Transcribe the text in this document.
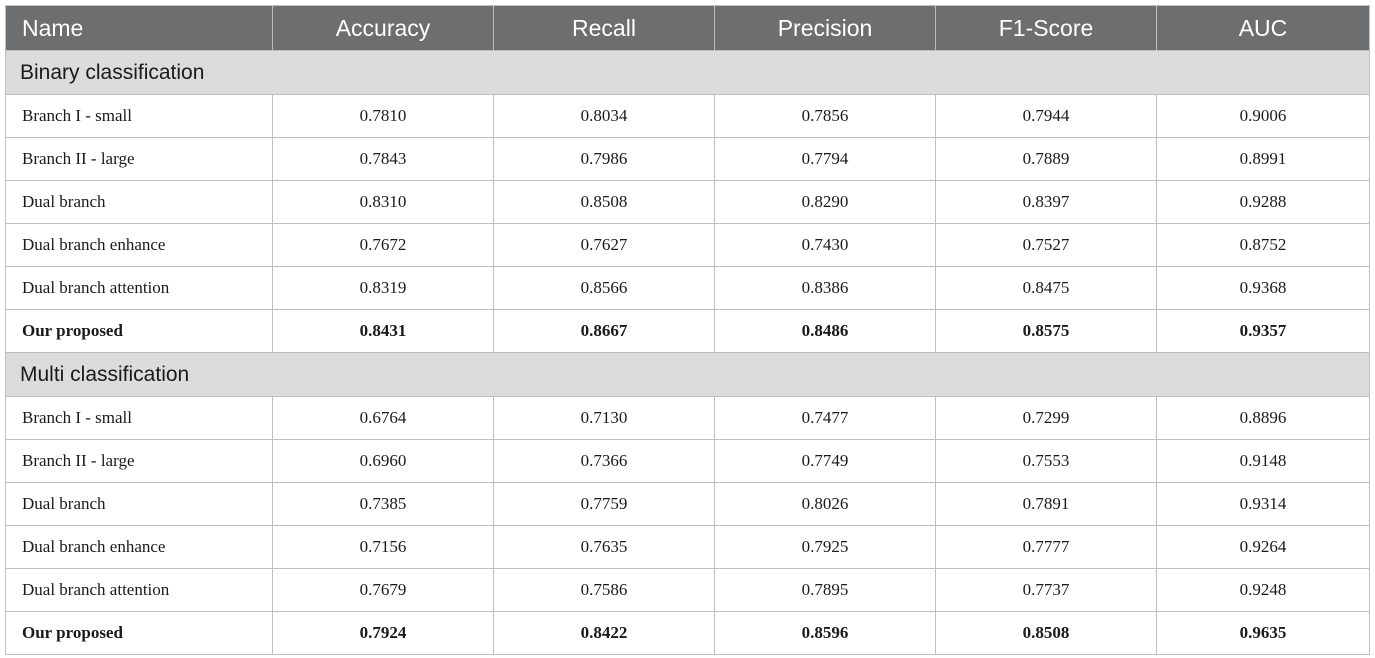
Name	Accuracy	Recall	Precision	F1-Score	AUC
Binary classification					
Branch I - small	0.7810	0.8034	0.7856	0.7944	0.9006
Branch II - large	0.7843	0.7986	0.7794	0.7889	0.8991
Dual branch	0.8310	0.8508	0.8290	0.8397	0.9288
Dual branch enhance	0.7672	0.7627	0.7430	0.7527	0.8752
Dual branch attention	0.8319	0.8566	0.8386	0.8475	0.9368
Our proposed	0.8431	0.8667	0.8486	0.8575	0.9357
Multi classification					
Branch I - small	0.6764	0.7130	0.7477	0.7299	0.8896
Branch II - large	0.6960	0.7366	0.7749	0.7553	0.9148
Dual branch	0.7385	0.7759	0.8026	0.7891	0.9314
Dual branch enhance	0.7156	0.7635	0.7925	0.7777	0.9264
Dual branch attention	0.7679	0.7586	0.7895	0.7737	0.9248
Our proposed	0.7924	0.8422	0.8596	0.8508	0.9635
